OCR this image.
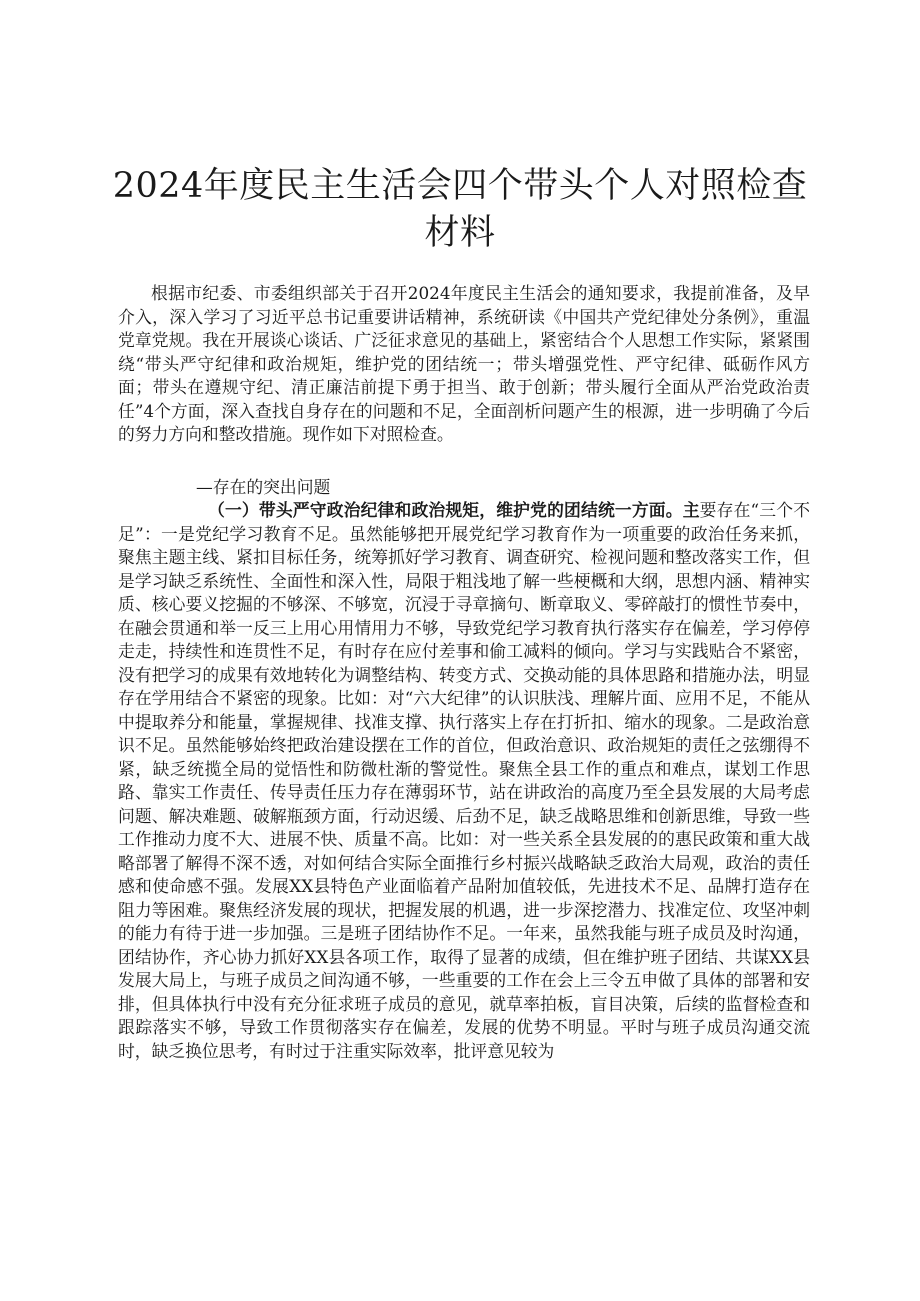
2024年度民主生活会四个带头个人对照检查
材料

根据市纪委、市委组织部关于召开2024年度民主生活会的通知要求，我提前准备，及早介入，深入学习了习近平总书记重要讲话精神，系统研读《中国共产党纪律处分条例》，重温党章党规。我在开展谈心谈话、广泛征求意见的基础上，紧密结合个人思想工作实际，紧紧围绕“带头严守纪律和政治规矩，维护党的团结统一；带头增强党性、严守纪律、砥砺作风方面；带头在遵规守纪、清正廉洁前提下勇于担当、敢于创新；带头履行全面从严治党政治责任”4个方面，深入查找自身存在的问题和不足，全面剖析问题产生的根源，进一步明确了今后的努力方向和整改措施。现作如下对照检查。

—存在的突出问题

（一）带头严守政治纪律和政治规矩，维护党的团结统一方面。主要存在“三个不足”：一是党纪学习教育不足。虽然能够把开展党纪学习教育作为一项重要的政治任务来抓，聚焦主题主线、紧扣目标任务，统筹抓好学习教育、调查研究、检视问题和整改落实工作，但是学习缺乏系统性、全面性和深入性，局限于粗浅地了解一些梗概和大纲，思想内涵、精神实质、核心要义挖掘的不够深、不够宽，沉浸于寻章摘句、断章取义、零碎敲打的惯性节奏中，在融会贯通和举一反三上用心用情用力不够，导致党纪学习教育执行落实存在偏差，学习停停走走，持续性和连贯性不足，有时存在应付差事和偷工减料的倾向。学习与实践贴合不紧密，没有把学习的成果有效地转化为调整结构、转变方式、交换动能的具体思路和措施办法，明显存在学用结合不紧密的现象。比如：对“六大纪律”的认识肤浅、理解片面、应用不足，不能从中提取养分和能量，掌握规律、找准支撑、执行落实上存在打折扣、缩水的现象。二是政治意识不足。虽然能够始终把政治建设摆在工作的首位，但政治意识、政治规矩的责任之弦绷得不紧，缺乏统揽全局的觉悟性和防微杜渐的警觉性。聚焦全县工作的重点和难点，谋划工作思路、靠实工作责任、传导责任压力存在薄弱环节，站在讲政治的高度乃至全县发展的大局考虑问题、解决难题、破解瓶颈方面，行动迟缓、后劲不足，缺乏战略思维和创新思维，导致一些工作推动力度不大、进展不快、质量不高。比如：对一些关系全县发展的的惠民政策和重大战略部署了解得不深不透，对如何结合实际全面推行乡村振兴战略缺乏政治大局观，政治的责任感和使命感不强。发展XX县特色产业面临着产品附加值较低，先进技术不足、品牌打造存在阻力等困难。聚焦经济发展的现状，把握发展的机遇，进一步深挖潜力、找准定位、攻坚冲刺的能力有待于进一步加强。三是班子团结协作不足。一年来，虽然我能与班子成员及时沟通，团结协作，齐心协力抓好XX县各项工作，取得了显著的成绩，但在维护班子团结、共谋XX县发展大局上，与班子成员之间沟通不够，一些重要的工作在会上三令五申做了具体的部署和安排，但具体执行中没有充分征求班子成员的意见，就草率拍板，盲目决策，后续的监督检查和跟踪落实不够，导致工作贯彻落实存在偏差，发展的优势不明显。平时与班子成员沟通交流时，缺乏换位思考，有时过于注重实际效率，批评意见较为
